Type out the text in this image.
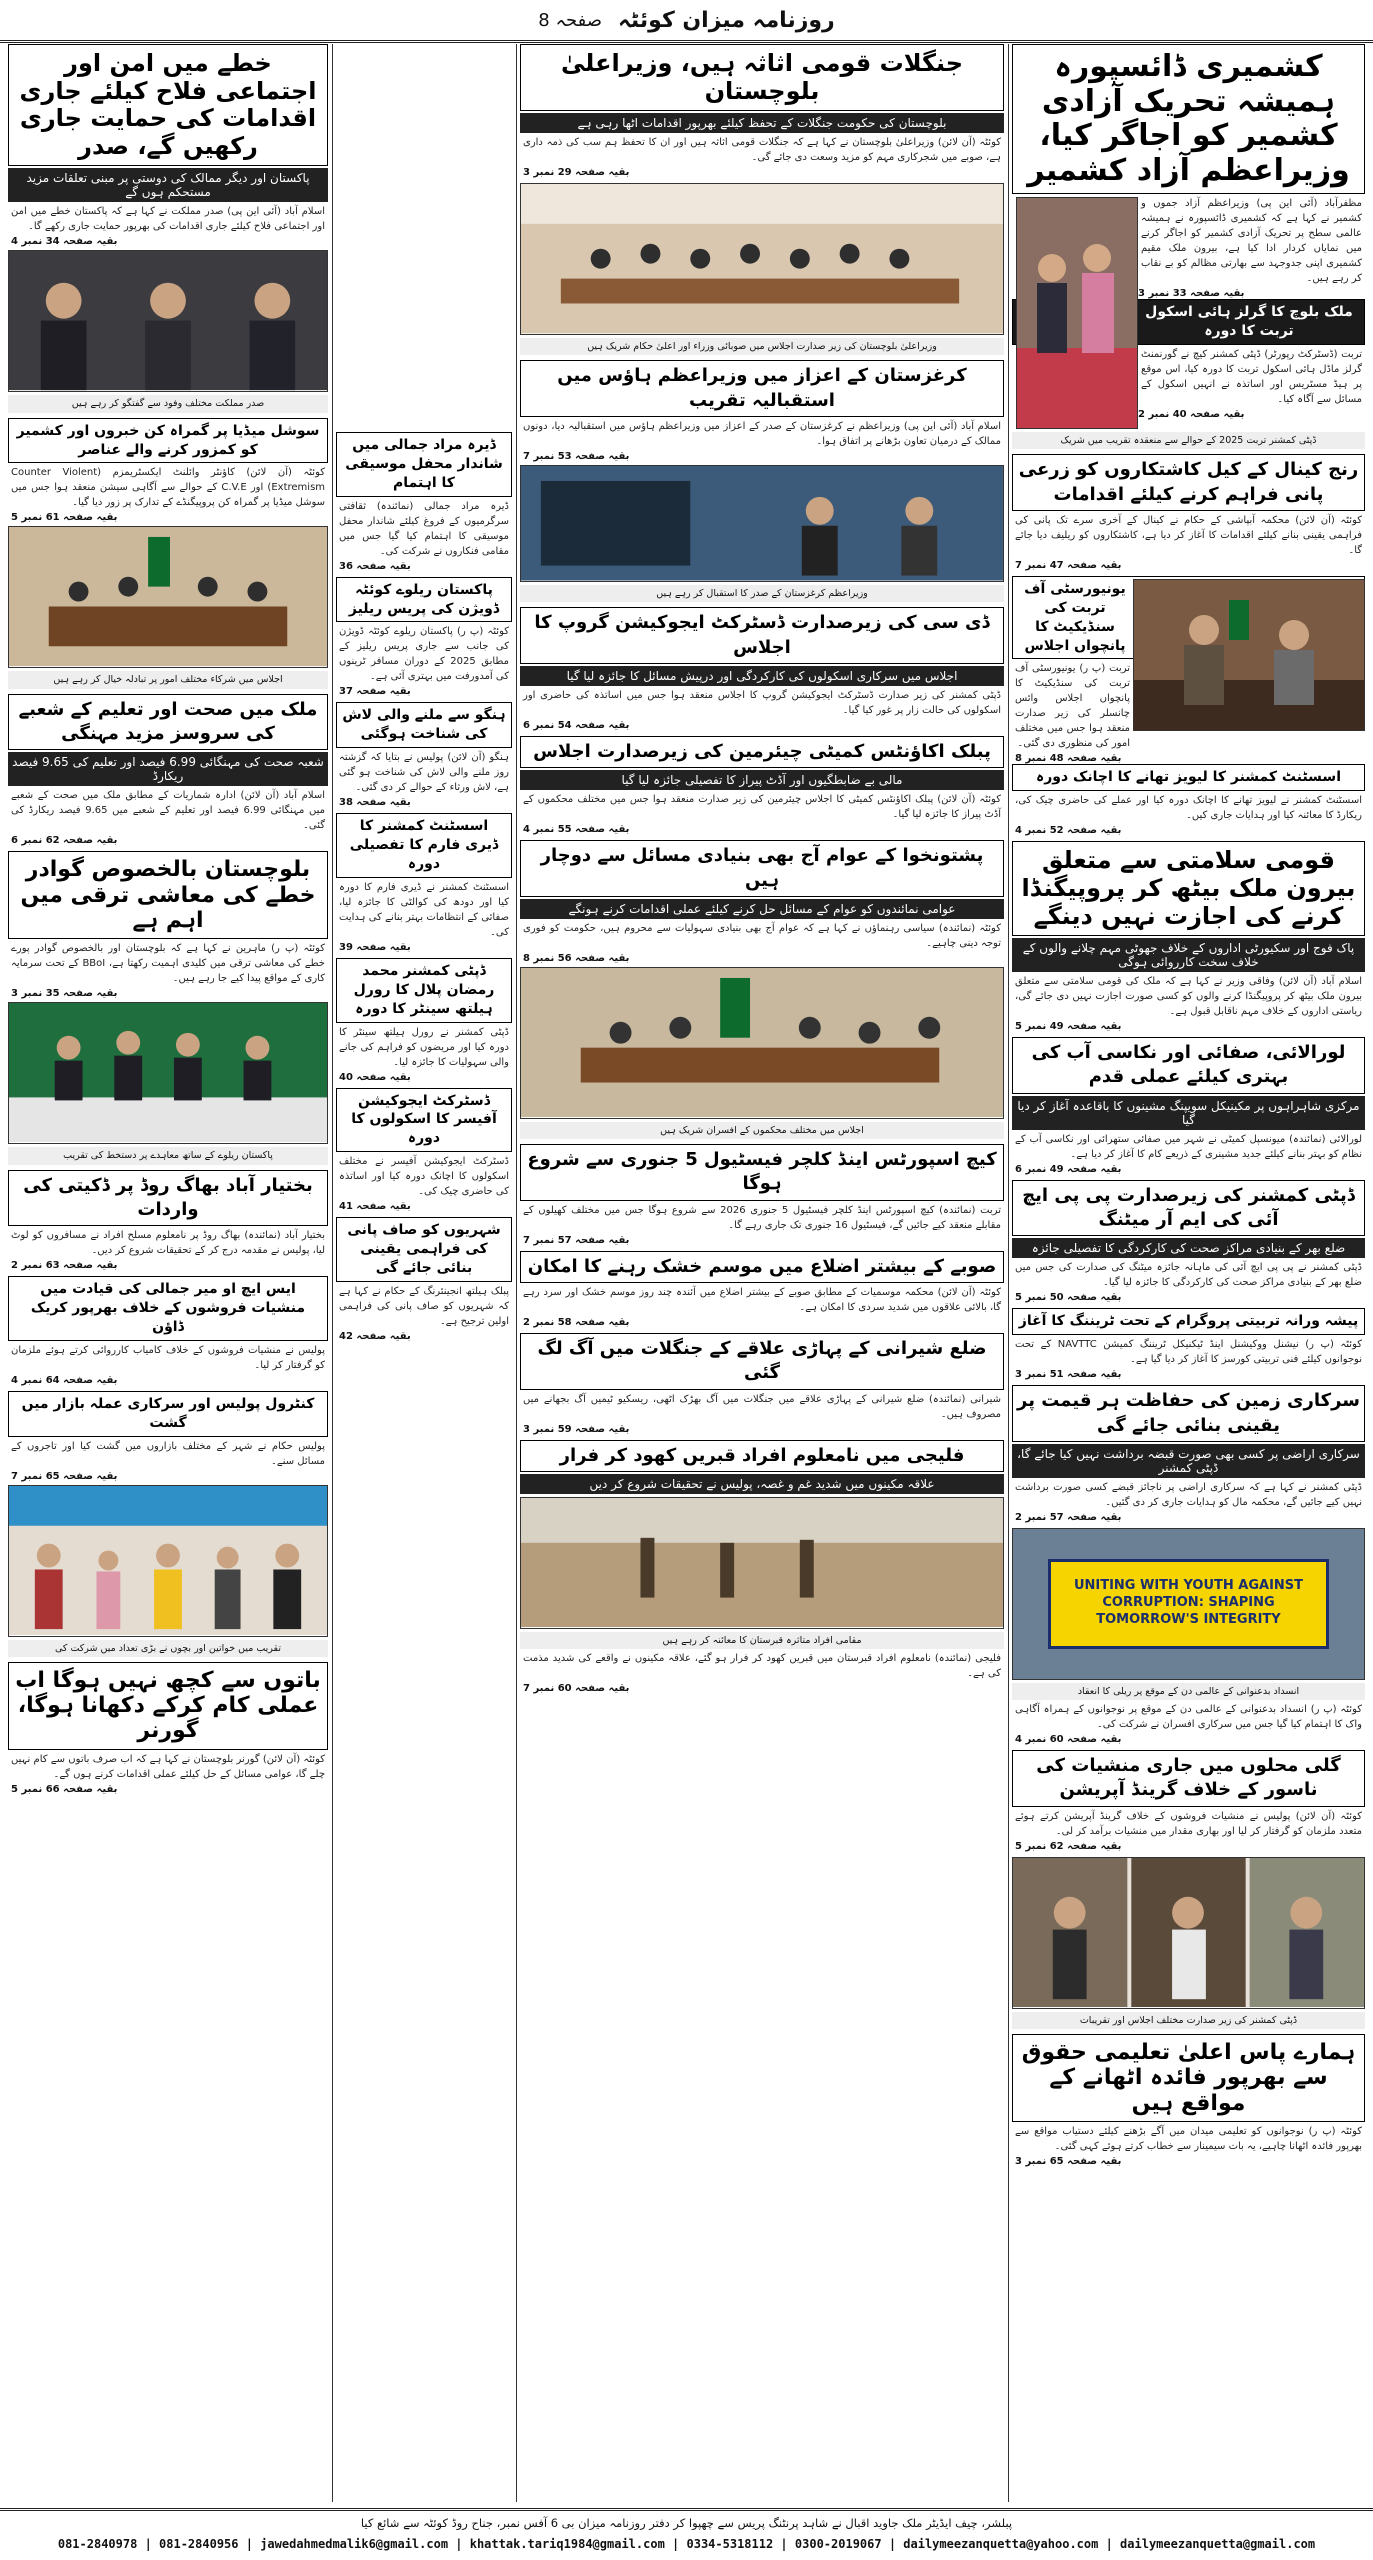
روزنامہ میزان کوئٹہ
صفحہ 8
کشمیری ڈائسپورہ ہمیشہ تحریک آزادی کشمیر کو اجاگر کیا، وزیراعظم آزاد کشمیر
مظفرآباد (آئی این پی) وزیراعظم آزاد جموں و کشمیر نے کہا ہے کہ کشمیری ڈائسپورہ نے ہمیشہ عالمی سطح پر تحریک آزادی کشمیر کو اجاگر کرنے میں نمایاں کردار ادا کیا ہے، بیرون ملک مقیم کشمیری اپنی جدوجہد سے بھارتی مظالم کو بے نقاب کر رہے ہیں۔
بقیہ صفحہ 33 نمبر 3
ملک بلوچ کا گرلز ہائی اسکول تربت کا دورہ
تربت (ڈسٹرکٹ رپورٹر) ڈپٹی کمشنر کیچ نے گورنمنٹ گرلز ماڈل ہائی اسکول تربت کا دورہ کیا، اس موقع پر ہیڈ مسٹریس اور اساتذہ نے انہیں اسکول کے مسائل سے آگاہ کیا۔
بقیہ صفحہ 40 نمبر 2
ڈپٹی کمشنر تربت 2025 کے حوالے سے منعقدہ تقریب میں شریک
رنج کینال کے کیل کاشتکاروں کو زرعی پانی فراہم کرنے کیلئے اقدامات
کوئٹہ (آن لائن) محکمہ آبپاشی کے حکام نے کینال کے آخری سرے تک پانی کی فراہمی یقینی بنانے کیلئے اقدامات کا آغاز کر دیا ہے، کاشتکاروں کو ریلیف دیا جائے گا۔
بقیہ صفحہ 47 نمبر 7
یونیورسٹی آف تربت کی سنڈیکیٹ کا پانچواں اجلاس
تربت (پ ر) یونیورسٹی آف تربت کی سنڈیکیٹ کا پانچواں اجلاس وائس چانسلر کی زیر صدارت منعقد ہوا جس میں مختلف امور کی منظوری دی گئی۔
بقیہ صفحہ 48 نمبر 8
اسسٹنٹ کمشنر کا لیویز تھانے کا اچانک دورہ
اسسٹنٹ کمشنر نے لیویز تھانے کا اچانک دورہ کیا اور عملے کی حاضری چیک کی، ریکارڈ کا معائنہ کیا اور ہدایات جاری کیں۔
بقیہ صفحہ 52 نمبر 4
قومی سلامتی سے متعلق بیرون ملک بیٹھ کر پروپیگنڈا کرنے کی اجازت نہیں دینگے
پاک فوج اور سکیورٹی اداروں کے خلاف جھوٹی مہم چلانے والوں کے خلاف سخت کارروائی ہوگی
اسلام آباد (آن لائن) وفاقی وزیر نے کہا ہے کہ ملک کی قومی سلامتی سے متعلق بیرون ملک بیٹھ کر پروپیگنڈا کرنے والوں کو کسی صورت اجازت نہیں دی جائے گی، ریاستی اداروں کے خلاف مہم ناقابل قبول ہے۔
بقیہ صفحہ 49 نمبر 5
لورالائی، صفائی اور نکاسی آب کی بہتری کیلئے عملی قدم
مرکزی شاہراہوں پر مکینیکل سویپنگ مشینوں کا باقاعدہ آغاز کر دیا گیا
لورالائی (نمائندہ) میونسپل کمیٹی نے شہر میں صفائی ستھرائی اور نکاسی آب کے نظام کو بہتر بنانے کیلئے جدید مشینری کے ذریعے کام کا آغاز کر دیا ہے۔
بقیہ صفحہ 49 نمبر 6
ڈپٹی کمشنر کی زیرصدارت پی پی ایچ آئی کی ایم آر میٹنگ
ضلع بھر کے بنیادی مراکز صحت کی کارکردگی کا تفصیلی جائزہ
ڈپٹی کمشنر نے پی پی ایچ آئی کی ماہانہ جائزہ میٹنگ کی صدارت کی جس میں ضلع بھر کے بنیادی مراکز صحت کی کارکردگی کا جائزہ لیا گیا۔
بقیہ صفحہ 50 نمبر 5
پیشہ ورانہ تربیتی پروگرام کے تحت ٹریننگ کا آغاز
کوئٹہ (پ ر) نیشنل ووکیشنل اینڈ ٹیکنیکل ٹریننگ کمیشن NAVTTC کے تحت نوجوانوں کیلئے فنی تربیتی کورسز کا آغاز کر دیا گیا ہے۔
بقیہ صفحہ 51 نمبر 3
سرکاری زمین کی حفاظت ہر قیمت پر یقینی بنائی جائے گی
سرکاری اراضی پر کسی بھی صورت قبضہ برداشت نہیں کیا جائے گا، ڈپٹی کمشنر
ڈپٹی کمشنر نے کہا ہے کہ سرکاری اراضی پر ناجائز قبضے کسی صورت برداشت نہیں کیے جائیں گے، محکمہ مال کو ہدایات جاری کر دی گئیں۔
بقیہ صفحہ 57 نمبر 2
UNITING WITH YOUTH AGAINST CORRUPTION: SHAPING TOMORROW'S INTEGRITY
انسداد بدعنوانی کے عالمی دن کے موقع پر ریلی کا انعقاد
کوئٹہ (پ ر) انسداد بدعنوانی کے عالمی دن کے موقع پر نوجوانوں کے ہمراہ آگاہی واک کا اہتمام کیا گیا جس میں سرکاری افسران نے شرکت کی۔
بقیہ صفحہ 60 نمبر 4
گلی محلوں میں جاری منشیات کی ناسور کے خلاف گرینڈ آپریشن
کوئٹہ (آن لائن) پولیس نے منشیات فروشوں کے خلاف گرینڈ آپریشن کرتے ہوئے متعدد ملزمان کو گرفتار کر لیا اور بھاری مقدار میں منشیات برآمد کر لی۔
بقیہ صفحہ 62 نمبر 5
ڈپٹی کمشنر کی زیر صدارت مختلف اجلاس اور تقریبات
ہمارے پاس اعلیٰ تعلیمی حقوق سے بھرپور فائدہ اٹھانے کے مواقع ہیں
کوئٹہ (پ ر) نوجوانوں کو تعلیمی میدان میں آگے بڑھنے کیلئے دستیاب مواقع سے بھرپور فائدہ اٹھانا چاہیے، یہ بات سیمینار سے خطاب کرتے ہوئے کہی گئی۔
بقیہ صفحہ 65 نمبر 3
جنگلات قومی اثاثہ ہیں، وزیراعلیٰ بلوچستان
بلوچستان کی حکومت جنگلات کے تحفظ کیلئے بھرپور اقدامات اٹھا رہی ہے
کوئٹہ (آن لائن) وزیراعلیٰ بلوچستان نے کہا ہے کہ جنگلات قومی اثاثہ ہیں اور ان کا تحفظ ہم سب کی ذمہ داری ہے، صوبے میں شجرکاری مہم کو مزید وسعت دی جائے گی۔
بقیہ صفحہ 29 نمبر 3
وزیراعلیٰ بلوچستان کی زیر صدارت اجلاس میں صوبائی وزراء اور اعلیٰ حکام شریک ہیں
کرغزستان کے اعزاز میں وزیراعظم ہاؤس میں استقبالیہ تقریب
اسلام آباد (آئی این پی) وزیراعظم نے کرغزستان کے صدر کے اعزاز میں وزیراعظم ہاؤس میں استقبالیہ دیا، دونوں ممالک کے درمیان تعاون بڑھانے پر اتفاق ہوا۔
بقیہ صفحہ 53 نمبر 7
وزیراعظم کرغزستان کے صدر کا استقبال کر رہے ہیں
ڈی سی کی زیرصدارت ڈسٹرکٹ ایجوکیشن گروپ کا اجلاس
اجلاس میں سرکاری اسکولوں کی کارکردگی اور درپیش مسائل کا جائزہ لیا گیا
ڈپٹی کمشنر کی زیر صدارت ڈسٹرکٹ ایجوکیشن گروپ کا اجلاس منعقد ہوا جس میں اساتذہ کی حاضری اور اسکولوں کی حالت زار پر غور کیا گیا۔
بقیہ صفحہ 54 نمبر 6
پبلک اکاؤنٹس کمیٹی چیئرمین کی زیرصدارت اجلاس
مالی بے ضابطگیوں اور آڈٹ پیراز کا تفصیلی جائزہ لیا گیا
کوئٹہ (آن لائن) پبلک اکاؤنٹس کمیٹی کا اجلاس چیئرمین کی زیر صدارت منعقد ہوا جس میں مختلف محکموں کے آڈٹ پیراز کا جائزہ لیا گیا۔
بقیہ صفحہ 55 نمبر 4
پشتونخوا کے عوام آج بھی بنیادی مسائل سے دوچار ہیں
عوامی نمائندوں کو عوام کے مسائل حل کرنے کیلئے عملی اقدامات کرنے ہونگے
کوئٹہ (نمائندہ) سیاسی رہنماؤں نے کہا ہے کہ عوام آج بھی بنیادی سہولیات سے محروم ہیں، حکومت کو فوری توجہ دینی چاہیے۔
بقیہ صفحہ 56 نمبر 8
اجلاس میں مختلف محکموں کے افسران شریک ہیں
کیچ اسپورٹس اینڈ کلچر فیسٹیول 5 جنوری سے شروع ہوگا
تربت (نمائندہ) کیچ اسپورٹس اینڈ کلچر فیسٹیول 5 جنوری 2026 سے شروع ہوگا جس میں مختلف کھیلوں کے مقابلے منعقد کیے جائیں گے، فیسٹیول 16 جنوری تک جاری رہے گا۔
بقیہ صفحہ 57 نمبر 7
صوبے کے بیشتر اضلاع میں موسم خشک رہنے کا امکان
کوئٹہ (آن لائن) محکمہ موسمیات کے مطابق صوبے کے بیشتر اضلاع میں آئندہ چند روز موسم خشک اور سرد رہے گا، بالائی علاقوں میں شدید سردی کا امکان ہے۔
بقیہ صفحہ 58 نمبر 2
ضلع شیرانی کے پہاڑی علاقے کے جنگلات میں آگ لگ گئی
شیرانی (نمائندہ) ضلع شیرانی کے پہاڑی علاقے میں جنگلات میں آگ بھڑک اٹھی، ریسکیو ٹیمیں آگ بجھانے میں مصروف ہیں۔
بقیہ صفحہ 59 نمبر 3
فلیجی میں نامعلوم افراد قبریں کھود کر فرار
علاقہ مکینوں میں شدید غم و غصہ، پولیس نے تحقیقات شروع کر دیں
مقامی افراد متاثرہ قبرستان کا معائنہ کر رہے ہیں
فلیجی (نمائندہ) نامعلوم افراد قبرستان میں قبریں کھود کر فرار ہو گئے، علاقہ مکینوں نے واقعے کی شدید مذمت کی ہے۔
بقیہ صفحہ 60 نمبر 7
ڈیرہ مراد جمالی میں شاندار محفل موسیقی کا اہتمام
ڈیرہ مراد جمالی (نمائندہ) ثقافتی سرگرمیوں کے فروغ کیلئے شاندار محفل موسیقی کا اہتمام کیا گیا جس میں مقامی فنکاروں نے شرکت کی۔
بقیہ صفحہ 36
پاکستان ریلوے کوئٹہ ڈویژن کی پریس ریلیز
کوئٹہ (پ ر) پاکستان ریلوے کوئٹہ ڈویژن کی جانب سے جاری پریس ریلیز کے مطابق 2025 کے دوران مسافر ٹرینوں کی آمدورفت میں بہتری آئی ہے۔
بقیہ صفحہ 37
ہنگو سے ملنے والی لاش کی شناخت ہوگئی
ہنگو (آن لائن) پولیس نے بتایا کہ گزشتہ روز ملنے والی لاش کی شناخت ہو گئی ہے، لاش ورثاء کے حوالے کر دی گئی۔
بقیہ صفحہ 38
اسسٹنٹ کمشنر کا ڈیری فارم کا تفصیلی دورہ
اسسٹنٹ کمشنر نے ڈیری فارم کا دورہ کیا اور دودھ کی کوالٹی کا جائزہ لیا، صفائی کے انتظامات بہتر بنانے کی ہدایت کی۔
بقیہ صفحہ 39
ڈپٹی کمشنر محمد رمضان پلال کا رورل ہیلتھ سینٹر کا دورہ
ڈپٹی کمشنر نے رورل ہیلتھ سینٹر کا دورہ کیا اور مریضوں کو فراہم کی جانے والی سہولیات کا جائزہ لیا۔
بقیہ صفحہ 40
ڈسٹرکٹ ایجوکیشن آفیسر کا اسکولوں کا دورہ
ڈسٹرکٹ ایجوکیشن آفیسر نے مختلف اسکولوں کا اچانک دورہ کیا اور اساتذہ کی حاضری چیک کی۔
بقیہ صفحہ 41
شہریوں کو صاف پانی کی فراہمی یقینی بنائی جائے گی
پبلک ہیلتھ انجینئرنگ کے حکام نے کہا ہے کہ شہریوں کو صاف پانی کی فراہمی اولین ترجیح ہے۔
بقیہ صفحہ 42
خطے میں امن اور اجتماعی فلاح کیلئے جاری اقدامات کی حمایت جاری رکھیں گے، صدر
پاکستان اور دیگر ممالک کی دوستی پر مبنی تعلقات مزید مستحکم ہوں گے
اسلام آباد (آئی این پی) صدر مملکت نے کہا ہے کہ پاکستان خطے میں امن اور اجتماعی فلاح کیلئے جاری اقدامات کی بھرپور حمایت جاری رکھے گا۔
بقیہ صفحہ 34 نمبر 4
صدر مملکت مختلف وفود سے گفتگو کر رہے ہیں
سوشل میڈیا پر گمراہ کن خبروں اور کشمیر کو کمزور کرنے والے عناصر
کوئٹہ (آن لائن) کاؤنٹر وائلنٹ ایکسٹریمزم (Counter Violent Extremism) اور C.V.E کے حوالے سے آگاہی سیشن منعقد ہوا جس میں سوشل میڈیا پر گمراہ کن پروپیگنڈے کے تدارک پر زور دیا گیا۔
بقیہ صفحہ 61 نمبر 5
اجلاس میں شرکاء مختلف امور پر تبادلہ خیال کر رہے ہیں
ملک میں صحت اور تعلیم کے شعبے کی سروسز مزید مہنگی
شعبہ صحت کی مہنگائی 6.99 فیصد اور تعلیم کی 9.65 فیصد ریکارڈ
اسلام آباد (آن لائن) ادارہ شماریات کے مطابق ملک میں صحت کے شعبے میں مہنگائی 6.99 فیصد اور تعلیم کے شعبے میں 9.65 فیصد ریکارڈ کی گئی۔
بقیہ صفحہ 62 نمبر 6
بلوچستان بالخصوص گوادر خطے کی معاشی ترقی میں اہم ہے
کوئٹہ (پ ر) ماہرین نے کہا ہے کہ بلوچستان اور بالخصوص گوادر پورے خطے کی معاشی ترقی میں کلیدی اہمیت رکھتا ہے، BBoI کے تحت سرمایہ کاری کے مواقع پیدا کیے جا رہے ہیں۔
بقیہ صفحہ 35 نمبر 3
پاکستان ریلوے کے ساتھ معاہدے پر دستخط کی تقریب
بختیار آباد بھاگ روڈ پر ڈکیتی کی واردات
بختیار آباد (نمائندہ) بھاگ روڈ پر نامعلوم مسلح افراد نے مسافروں کو لوٹ لیا، پولیس نے مقدمہ درج کر کے تحقیقات شروع کر دیں۔
بقیہ صفحہ 63 نمبر 2
ایس ایچ او میر جمالی کی قیادت میں منشیات فروشوں کے خلاف بھرپور کریک ڈاؤن
پولیس نے منشیات فروشوں کے خلاف کامیاب کارروائی کرتے ہوئے ملزمان کو گرفتار کر لیا۔
بقیہ صفحہ 64 نمبر 4
کنٹرول پولیس اور سرکاری عملہ بازار میں گشت
پولیس حکام نے شہر کے مختلف بازاروں میں گشت کیا اور تاجروں کے مسائل سنے۔
بقیہ صفحہ 65 نمبر 7
تقریب میں خواتین اور بچوں نے بڑی تعداد میں شرکت کی
باتوں سے کچھ نہیں ہوگا اب عملی کام کرکے دکھانا ہوگا، گورنر
کوئٹہ (آن لائن) گورنر بلوچستان نے کہا ہے کہ اب صرف باتوں سے کام نہیں چلے گا، عوامی مسائل کے حل کیلئے عملی اقدامات کرنے ہوں گے۔
بقیہ صفحہ 66 نمبر 5
پبلشر، چیف ایڈیٹر ملک جاوید اقبال نے شاہد پرنٹنگ پریس سے چھپوا کر دفتر روزنامہ میزان بی 6 آفس نمبر، جناح روڈ کوئٹہ سے شائع کیا
081-2840978 | 081-2840956 | jawedahmedmalik6@gmail.com | khattak.tariq1984@gmail.com | 0334-5318112 | 0300-2019067 | dailymeezanquetta@yahoo.com | dailymeezanquetta@gmail.com
